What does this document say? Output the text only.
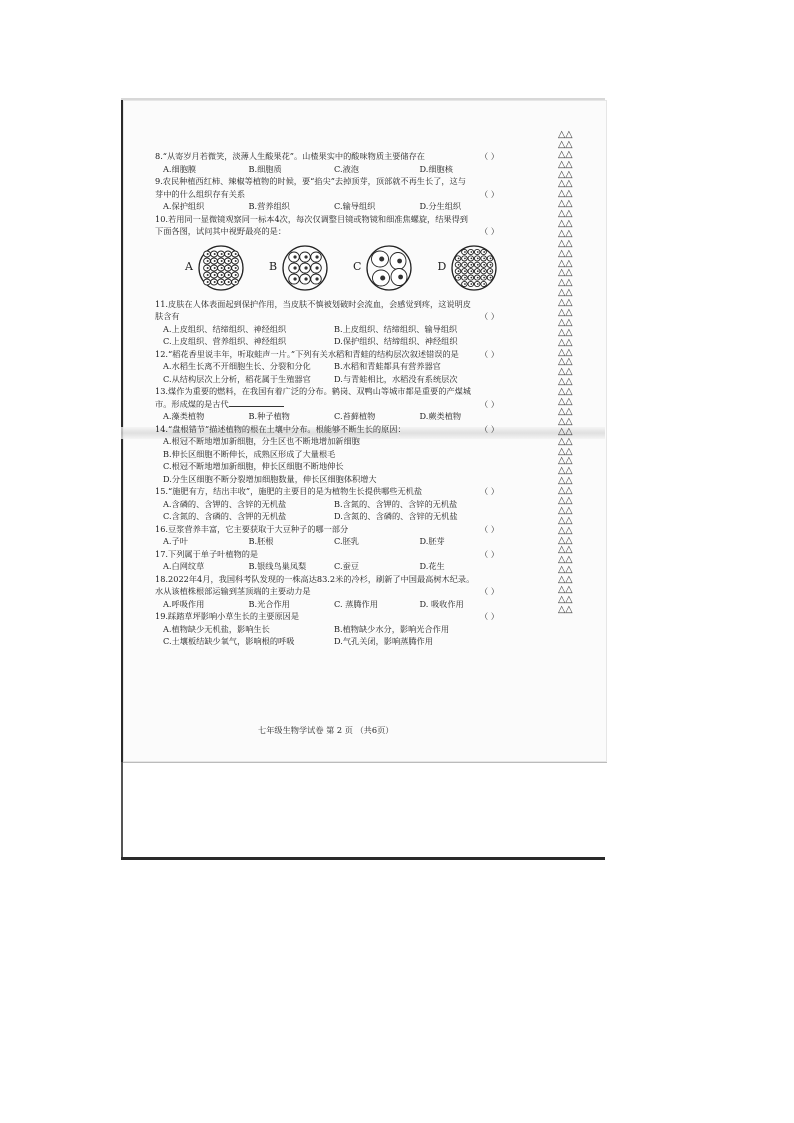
8.“从寄岁月若微笑，淡薄人生酸果花”。山楂果实中的酸味物质主要储存在	（ ）

A.细胞膜	B.细胞质	C.液泡	D.细胞核

9.农民种植西红柿、辣椒等植物的时候，要“掐尖”去掉顶芽，顶部就不再生长了，这与

芽中的什么组织存有关系	（ ）

A.保护组织	B.营养组织	C.输导组织	D.分生组织

10.若用同一显微镜观察同一标本4次，每次仅调整目镜或物镜和细准焦螺旋，结果得到

下面各图，试问其中视野最亮的是：	（ ）

A	B	C	D

11.皮肤在人体表面起到保护作用，当皮肤不慎被划破时会流血，会感觉到疼，这说明皮

肤含有	（ ）

A.上皮组织、结缔组织、神经组织	B.上皮组织、结缔组织、输导组织
C.上皮组织、营养组织、神经组织	D.保护组织、结缔组织、神经组织

12.“稻花香里说丰年，听取蛙声一片。”下列有关水稻和青蛙的结构层次叙述错误的是	（ ）

A.水稻生长离不开细胞生长、分裂和分化	B.水稻和青蛙都具有营养器官
C.从结构层次上分析，稻花属于生殖器官	D.与青蛙相比，水稻没有系统层次

13.煤作为重要的燃料，在我国有着广泛的分布。鹤岗、双鸭山等城市都是重要的产煤城

市。形成煤的是古代	（ ）

A.藻类植物	B.种子植物	C.苔藓植物	D.蕨类植物

14.“盘根错节”描述植物的根在土壤中分布。根能够不断生长的原因：	（ ）

A.根冠不断地增加新细胞，分生区也不断地增加新细胞
B.伸长区细胞不断伸长，成熟区形成了大量根毛
C.根冠不断地增加新细胞，伸长区细胞不断地伸长
D.分生区细胞不断分裂增加细胞数量，伸长区细胞体积增大

15.“施肥有方，结出丰收”，施肥的主要目的是为植物生长提供哪些无机盐	（ ）

A.含磷的、含钾的、含锌的无机盐	B.含氮的、含钾的、含锌的无机盐
C.含氮的、含磷的、含钾的无机盐	D.含氮的、含磷的、含锌的无机盐

16.豆浆营养丰富，它主要获取于大豆种子的哪一部分	（ ）

A.子叶	B.胚根	C.胚乳	D.胚芽

17.下列属于单子叶植物的是	（ ）

A.白网纹草	B.银线鸟巢凤梨	C.蚕豆	D.花生

18.2022年4月，我国科考队发现的一株高达83.2米的冷杉，刷新了中国最高树木纪录。

水从该植株根部运输到茎顶端的主要动力是	（ ）

A.呼吸作用	B.光合作用	C. 蒸腾作用	D. 吸收作用

19.踩踏草坪影响小草生长的主要原因是	（ ）

A.植物缺少无机盐，影响生长	B.植物缺少水分，影响光合作用
C.土壤板结缺少氧气，影响根的呼吸	D.气孔关闭，影响蒸腾作用
七年级生物学试卷 第 2 页 （共6页）
△△
△△
△△
△△
△△
△△
△△
△△
△△
△△
△△
△△
△△
△△
△△
△△
△△
△△
△△
△△
△△
△△
△△
△△
△△
△△
△△
△△
△△
△△
△△
△△
△△
△△
△△
△△
△△
△△
△△
△△
△△
△△
△△
△△
△△
△△
△△
△△
△△
